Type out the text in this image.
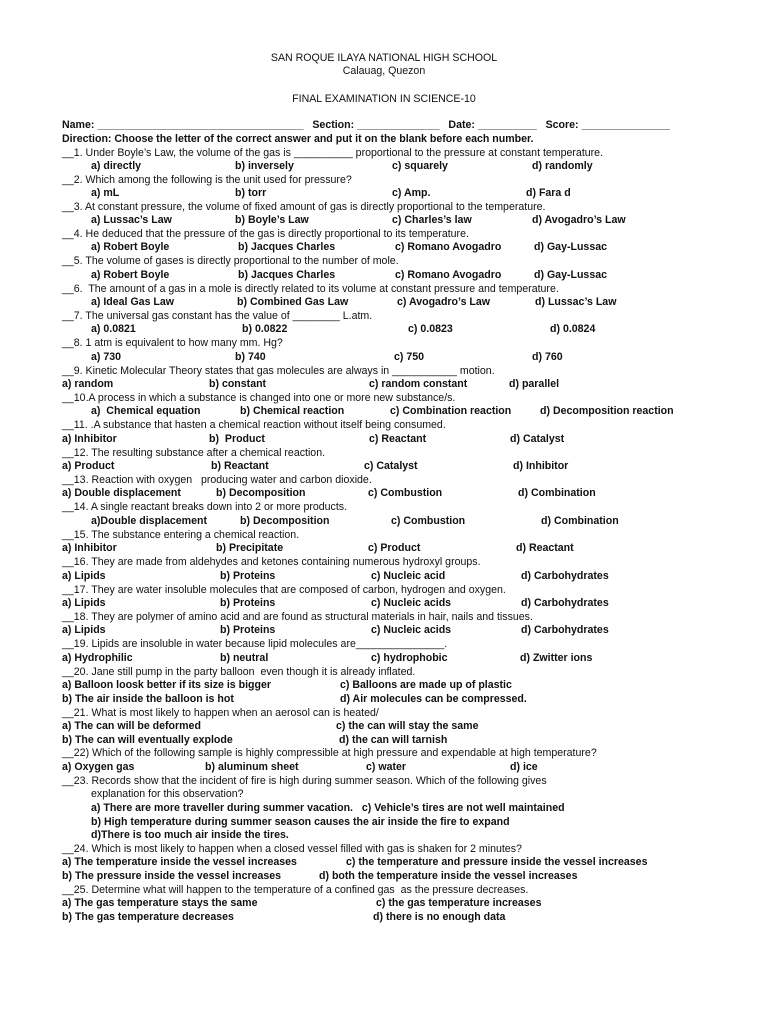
SAN ROQUE ILAYA NATIONAL HIGH SCHOOL
Calauag, Quezon
FINAL EXAMINATION IN SCIENCE-10
Name: ___________________________________   Section: ______________   Date: __________   Score: _______________
Direction: Choose the letter of the correct answer and put it on the blank before each number.
__1. Under Boyle’s Law, the volume of the gas is __________ proportional to the pressure at constant temperature.
a) directly	b) inversely	c) squarely	d) randomly
__2. Which among the following is the unit used for pressure?
a) mL	b) torr	c) Amp.	d) Fara d
__3. At constant pressure, the volume of fixed amount of gas is directly proportional to the temperature.
a) Lussac’s Law	b) Boyle’s Law	c) Charles’s law	d) Avogadro’s Law
__4. He deduced that the pressure of the gas is directly proportional to its temperature.
a) Robert Boyle	b) Jacques Charles	c) Romano Avogadro	d) Gay-Lussac
__5. The volume of gases is directly proportional to the number of mole.
a) Robert Boyle	b) Jacques Charles	c) Romano Avogadro	d) Gay-Lussac
__6.  The amount of a gas in a mole is directly related to its volume at constant pressure and temperature.
a) Ideal Gas Law	b) Combined Gas Law	c) Avogadro’s Law	d) Lussac’s Law
__7. The universal gas constant has the value of ________ L.atm.
a) 0.0821	b) 0.0822	c) 0.0823	d) 0.0824
__8. 1 atm is equivalent to how many mm. Hg?
a) 730	b) 740	c) 750	d) 760
__9. Kinetic Molecular Theory states that gas molecules are always in ___________ motion.
a) random	b) constant	c) random constant	d) parallel
__10.A process in which a substance is changed into one or more new substance/s.
a)  Chemical equation	b) Chemical reaction	c) Combination reaction	d) Decomposition reaction
__11. .A substance that hasten a chemical reaction without itself being consumed.
a) Inhibitor	b)  Product	c) Reactant	d) Catalyst
__12. The resulting substance after a chemical reaction.
a) Product	b) Reactant	c) Catalyst	d) Inhibitor
__13. Reaction with oxygen   producing water and carbon dioxide.
a) Double displacement	b) Decomposition	c) Combustion	d) Combination
__14. A single reactant breaks down into 2 or more products.
a)Double displacement	b) Decomposition	c) Combustion	d) Combination
__15. The substance entering a chemical reaction.
a) Inhibitor	b) Precipitate	c) Product	d) Reactant
__16. They are made from aldehydes and ketones containing numerous hydroxyl groups.
a) Lipids	b) Proteins	c) Nucleic acid	d) Carbohydrates
__17. They are water insoluble molecules that are composed of carbon, hydrogen and oxygen.
a) Lipids	b) Proteins	c) Nucleic acids	d) Carbohydrates
__18. They are polymer of amino acid and are found as structural materials in hair, nails and tissues.
a) Lipids	b) Proteins	c) Nucleic acids	d) Carbohydrates
__19. Lipids are insoluble in water because lipid molecules are_______________.
a) Hydrophilic	b) neutral	c) hydrophobic	d) Zwitter ions
__20. Jane still pump in the party balloon  even though it is already inflated.
a) Balloon loosk better if its size is bigger	c) Balloons are made up of plastic
b) The air inside the balloon is hot	d) Air molecules can be compressed.
__21. What is most likely to happen when an aerosol can is heated/
a) The can will be deformed	c) the can will stay the same
b) The can will eventually explode	d) the can will tarnish
__22) Which of the following sample is highly compressible at high pressure and expendable at high temperature?
a) Oxygen gas	b) aluminum sheet	c) water	d) ice
__23. Records show that the incident of fire is high during summer season. Which of the following gives
explanation for this observation?
a) There are more traveller during summer vacation.   c) Vehicle’s tires are not well maintained
b) High temperature during summer season causes the air inside the fire to expand
d)There is too much air inside the tires.
__24. Which is most likely to happen when a closed vessel filled with gas is shaken for 2 minutes?
a) The temperature inside the vessel increases	c) the temperature and pressure inside the vessel increases
b) The pressure inside the vessel increases	d) both the temperature inside the vessel increases
__25. Determine what will happen to the temperature of a confined gas  as the pressure decreases.
a) The gas temperature stays the same	c) the gas temperature increases
b) The gas temperature decreases	d) there is no enough data
